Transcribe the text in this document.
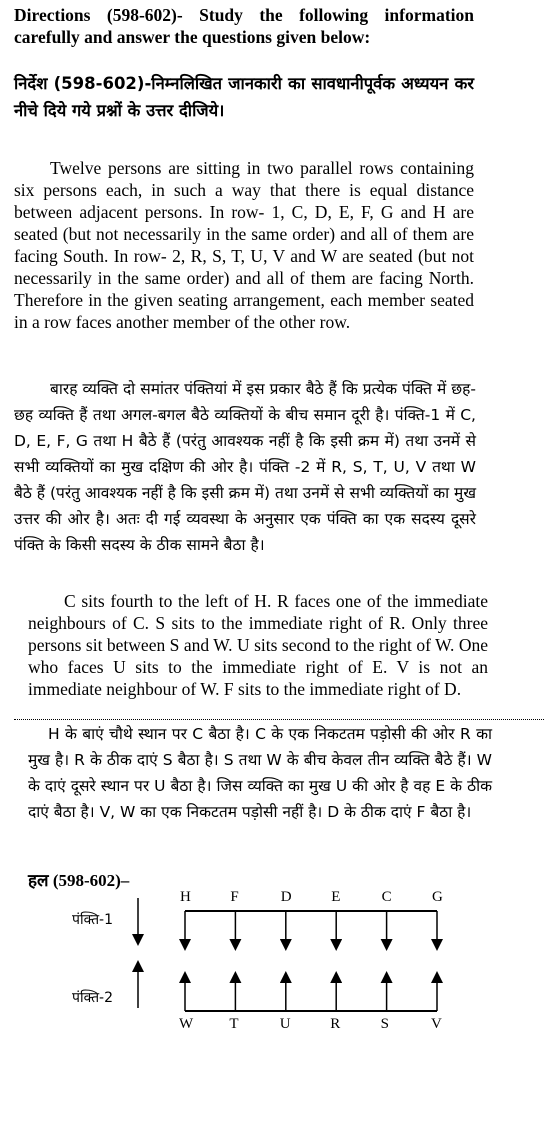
Directions (598-602)- Study the following information carefully and answer the questions given below:

निर्देश (598-602)-निम्नलिखित जानकारी का सावधानीपूर्वक अध्ययन कर नीचे दिये गये प्रश्नों के उत्तर दीजिये।

Twelve persons are sitting in two parallel rows containing six persons each, in such a way that there is equal distance between adjacent persons. In row- 1, C, D, E, F, G and H are seated (but not necessarily in the same order) and all of them are facing South. In row- 2, R, S, T, U, V and W are seated (but not necessarily in the same order) and all of them are facing North. Therefore in the given seating arrangement, each member seated in a row faces another member of the other row.

बारह व्यक्ति दो समांतर पंक्तियां में इस प्रकार बैठे हैं कि प्रत्येक पंक्ति में छह-छह व्यक्ति हैं तथा अगल-बगल बैठे व्यक्तियों के बीच समान दूरी है। पंक्ति-1 में C, D, E, F, G तथा H बैठे हैं (परंतु आवश्यक नहीं है कि इसी क्रम में) तथा उनमें से सभी व्यक्तियों का मुख दक्षिण की ओर है। पंक्ति -2 में R, S, T, U, V तथा W बैठे हैं (परंतु आवश्यक नहीं है कि इसी क्रम में) तथा उनमें से सभी व्यक्तियों का मुख उत्तर की ओर है। अतः दी गई व्यवस्था के अनुसार एक पंक्ति का एक सदस्य दूसरे पंक्ति के किसी सदस्य के ठीक सामने बैठा है।

C sits fourth to the left of H. R faces one of the immediate neighbours of C. S sits to the immediate right of R. Only three persons sit between S and W. U sits second to the right of W. One who faces U sits to the immediate right of E. V is not an immediate neighbour of W. F sits to the immediate right of D.

H के बाएं चौथे स्थान पर C बैठा है। C के एक निकटतम पड़ोसी की ओर R का मुख है। R के ठीक दाएं S बैठा है। S तथा W के बीच केवल तीन व्यक्ति बैठे हैं। W के दाएं दूसरे स्थान पर U बैठा है। जिस व्यक्ति का मुख U की ओर है वह E के ठीक दाएं बैठा है। V, W का एक निकटतम पड़ोसी नहीं है। D के ठीक दाएं F बैठा है।

हल (598-602)–
पंक्ति-1
पंक्ति-2
H	F	D	E	C	G
W T	U	R	S	V
